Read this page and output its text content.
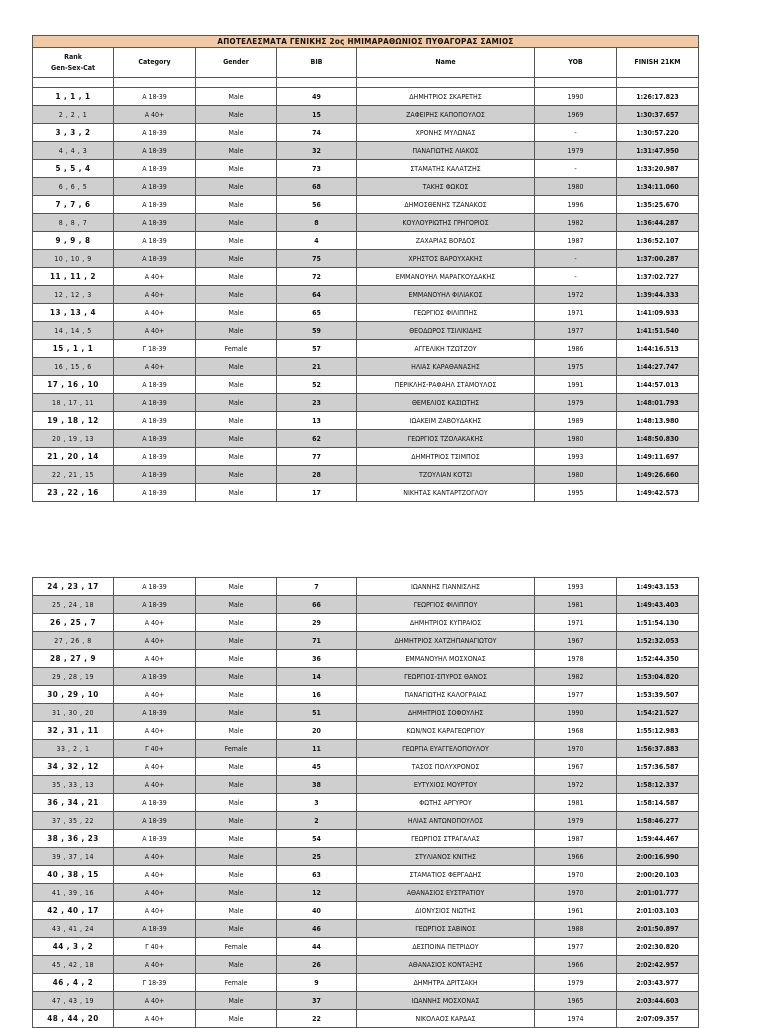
ΑΠΟΤΕΛΕΣΜΑΤΑ ΓΕΝΙΚΗΣ 2ος ΗΜΙΜΑΡΑΘΩΝΙΟΣ ΠΥΘΑΓΟΡΑΣ ΣΑΜΙΟΣ						

Rank
Gen-Sex-Cat	Category	Gender	BIB	Name	YOB	FINISH 21KM

1 , 1 , 1	Α 18-39	Male	49	ΔΗΜΗΤΡΙΟΣ ΣΚΑΡΕΤΗΣ	1990	1:26:17.823
2 , 2 , 1	Α 40+	Male	15	ΖΑΦΕΙΡΗΣ ΚΑΠΟΠΟΥΛΟΣ	1969	1:30:37.657
3 , 3 , 2	Α 18-39	Male	74	ΧΡΟΝΗΣ ΜΥΛΩΝΑΣ	-	1:30:57.220
4 , 4 , 3	Α 18-39	Male	32	ΠΑΝΑΓΙΩΤΗΣ ΛΙΑΚΟΣ	1979	1:31:47.950
5 , 5 , 4	Α 18-39	Male	73	ΣΤΑΜΑΤΗΣ ΚΑΛΑΤΖΗΣ	-	1:33:20.987
6 , 6 , 5	Α 18-39	Male	68	ΤΑΚΗΣ ΦΩΚΟΣ	1980	1:34:11.060
7 , 7 , 6	Α 18-39	Male	56	ΔΗΜΟΣΘΕΝΗΣ ΤΖΑΝΑΚΟΣ	1996	1:35:25.670
8 , 8 , 7	Α 18-39	Male	8	ΚΟΥΛΟΥΡΙΩΤΗΣ ΓΡΗΓΟΡΙΟΣ	1982	1:36:44.287
9 , 9 , 8	Α 18-39	Male	4	ΖΑΧΑΡΙΑΣ ΒΟΡΔΟΣ	1987	1:36:52.107
10 , 10 , 9	Α 18-39	Male	75	ΧΡΗΣΤΟΣ ΒΑΡΟΥΧΑΚΗΣ	-	1:37:00.287
11 , 11 , 2	Α 40+	Male	72	ΕΜΜΑΝΟΥΗΛ ΜΑΡΑΓΚΟΥΔΑΚΗΣ	-	1:37:02.727
12 , 12 , 3	Α 40+	Male	64	ΕΜΜΑΝΟΥΗΛ ΦΙΛΙΑΚΟΣ	1972	1:39:44.333
13 , 13 , 4	Α 40+	Male	65	ΓΕΩΡΓΙΟΣ ΦΙΛΙΠΠΗΣ	1971	1:41:09.933
14 , 14 , 5	Α 40+	Male	59	ΘΕΟΔΩΡΟΣ ΤΣΙΛΙΚΙΔΗΣ	1977	1:41:51.540
15 , 1 , 1	Γ 18-39	Female	57	ΑΓΓΕΛΙΚΗ ΤΖΩΤΖΟΥ	1986	1:44:16.513
16 , 15 , 6	Α 40+	Male	21	ΗΛΙΑΣ ΚΑΡΑΘΑΝΑΣΗΣ	1975	1:44:27.747
17 , 16 , 10	Α 18-39	Male	52	ΠΕΡΙΚΛΗΣ-ΡΑΦΑΗΛ ΣΤΑΜΟΥΛΟΣ	1991	1:44:57.013
18 , 17 , 11	Α 18-39	Male	23	ΘΕΜΕΛΙΟΣ ΚΑΣΙΩΤΗΣ	1979	1:48:01.793
19 , 18 , 12	Α 18-39	Male	13	ΙΩΑΚΕΙΜ ΖΑΒΟΥΔΑΚΗΣ	1989	1:48:13.980
20 , 19 , 13	Α 18-39	Male	62	ΓΕΩΡΓΙΟΣ ΤΖΟΛΑΚΑΚΗΣ	1980	1:48:50.830
21 , 20 , 14	Α 18-39	Male	77	ΔΗΜΗΤΡΙΟΣ ΤΣΙΜΠΟΣ	1993	1:49:11.697
22 , 21 , 15	Α 18-39	Male	28	ΤΖΟΥΛΙΑΝ ΚΟΤΣΙ	1980	1:49:26.660
23 , 22 , 16	Α 18-39	Male	17	ΝΙΚΗΤΑΣ ΚΑΝΤΑΡΤΖΟΓΛΟΥ	1995	1:49:42.573
24 , 23 , 17	Α 18-39	Male	7	ΙΩΑΝΝΗΣ ΓΙΑΝΝΙΣΛΗΣ	1993	1:49:43.153
25 , 24 , 18	Α 18-39	Male	66	ΓΕΩΡΓΙΟΣ ΦΙΛΙΠΠΟΥ	1981	1:49:43.403
26 , 25 , 7	Α 40+	Male	29	ΔΗΜΗΤΡΙΟΣ ΚΥΠΡΑΙΟΣ	1971	1:51:54.130
27 , 26 , 8	Α 40+	Male	71	ΔΗΜΗΤΡΙΟΣ ΧΑΤΖΗΠΑΝΑΓΙΩΤΟΥ	1967	1:52:32.053
28 , 27 , 9	Α 40+	Male	36	ΕΜΜΑΝΟΥΗΛ ΜΟΣΧΟΝΑΣ	1978	1:52:44.350
29 , 28 , 19	Α 18-39	Male	14	ΓΕΩΡΓΙΟΣ-ΣΠΥΡΟΣ ΘΑΝΟΣ	1982	1:53:04.820
30 , 29 , 10	Α 40+	Male	16	ΠΑΝΑΓΙΩΤΗΣ ΚΑΛΟΓΡΑΙΑΣ	1977	1:53:39.507
31 , 30 , 20	Α 18-39	Male	51	ΔΗΜΗΤΡΙΟΣ ΣΟΦΟΥΛΗΣ	1990	1:54:21.527
32 , 31 , 11	Α 40+	Male	20	ΚΩΝ/ΝΟΣ ΚΑΡΑΓΕΩΡΓΙΟΥ	1968	1:55:12.983
33 , 2 , 1	Γ 40+	Female	11	ΓΕΩΡΓΙΑ ΕΥΑΓΓΕΛΟΠΟΥΛΟΥ	1970	1:56:37.883
34 , 32 , 12	Α 40+	Male	45	ΤΑΣΟΣ ΠΟΛΥΧΡΟΝΟΣ	1967	1:57:36.587
35 , 33 , 13	Α 40+	Male	38	ΕΥΤΥΧΙΟΣ ΜΟΥΡΤΟΥ	1972	1:58:12.337
36 , 34 , 21	Α 18-39	Male	3	ΦΩΤΗΣ ΑΡΓΥΡΟΥ	1981	1:58:14.587
37 , 35 , 22	Α 18-39	Male	2	ΗΛΙΑΣ ΑΝΤΩΝΟΠΟΥΛΟΣ	1979	1:58:46.277
38 , 36 , 23	Α 18-39	Male	54	ΓΕΩΡΓΙΟΣ ΣΤΡΑΓΑΛΑΣ	1987	1:59:44.467
39 , 37 , 14	Α 40+	Male	25	ΣΤΥΛΙΑΝΟΣ ΚΝΙΤΗΣ	1966	2:00:16.990
40 , 38 , 15	Α 40+	Male	63	ΣΤΑΜΑΤΙΟΣ ΦΕΡΓΑΔΗΣ	1970	2:00:20.103
41 , 39 , 16	Α 40+	Male	12	ΑΘΑΝΑΣΙΟΣ ΕΥΣΤΡΑΤΙΟΥ	1970	2:01:01.777
42 , 40 , 17	Α 40+	Male	40	ΔΙΟΝΥΣΙΟΣ ΝΙΩΤΗΣ	1961	2:01:03.103
43 , 41 , 24	Α 18-39	Male	46	ΓΕΩΡΓΙΟΣ ΣΑΒΙΝΟΣ	1988	2:01:50.897
44 , 3 , 2	Γ 40+	Female	44	ΔΕΣΠΟΙΝΑ ΠΕΤΡΙΔΟΥ	1977	2:02:30.820
45 , 42 , 18	Α 40+	Male	26	ΑΘΑΝΑΣΙΟΣ ΚΟΝΤΑΞΗΣ	1966	2:02:42.957
46 , 4 , 2	Γ 18-39	Female	9	ΔΗΜΗΤΡΑ ΔΡΙΤΣΑΚΗ	1979	2:03:43.977
47 , 43 , 19	Α 40+	Male	37	ΙΩΑΝΝΗΣ ΜΟΣΧΟΝΑΣ	1965	2:03:44.603
48 , 44 , 20	Α 40+	Male	22	ΝΙΚΟΛΑΟΣ ΚΑΡΔΑΣ	1974	2:07:09.357
